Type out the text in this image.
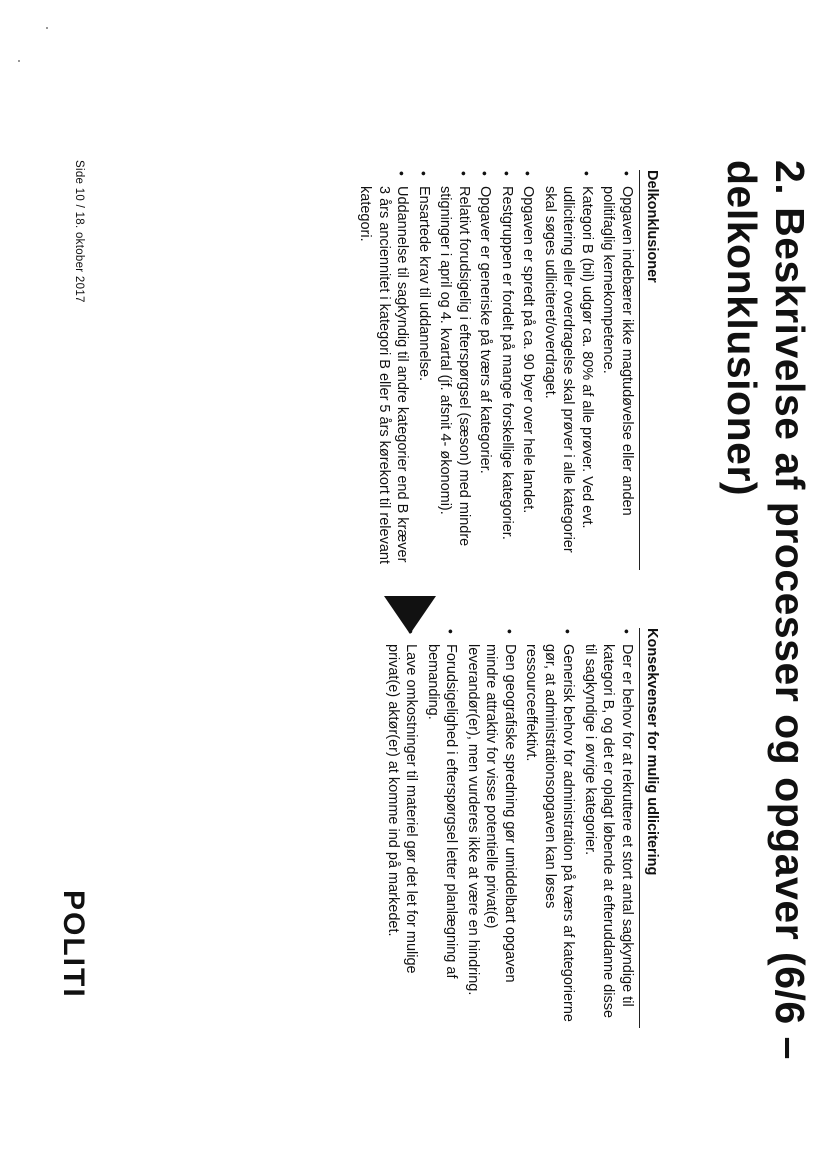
2. Beskrivelse af processer og opgaver (6/6 – delkonklusioner)
Delkonklusioner
•
Opgaven indebærer ikke magtudøvelse eller anden politifaglig kernekompetence.
•
Kategori B (bil) udgør ca. 80% af alle prøver. Ved evt. udlicitering eller overdragelse skal prøver i alle kategorier skal søges udliciteret/overdraget.
•
Opgaven er spredt på ca. 90 byer over hele landet.
•
Restgruppen er fordelt på mange forskellige kategorier.
•
Opgaver er generiske på tværs af kategorier.
•
Relativt forudsigelig i efterspørgsel (sæson) med mindre stigninger i april og 4. kvartal (jf. afsnit 4- økonomi).
•
Ensartede krav til uddannelse.
•
Uddannelse til sagkyndig til andre kategorier end B kræver 3 års anciennitet i kategori B eller 5 års kørekort til relevant kategori.
Konsekvenser for mulig udlicitering
•
Der er behov for at rekruttere et stort antal sagkyndige til kategori B, og det er oplagt løbende at efteruddanne disse til sagkyndige i øvrige kategorier.
•
Generisk behov for administration på tværs af kategorierne gør, at administrationsopgaven kan løses ressourceeffektivt.
•
Den geografiske spredning gør umiddelbart opgaven mindre attraktiv for visse potentielle privat(e) leverandør(er), men vurderes ikke at være en hindring.
•
Forudsigelighed i efterspørgsel letter planlægning af bemanding.
•
Lave omkostninger til materiel gør det let for mulige privat(e) aktør(er) at komme ind på markedet.
Side 10 / 18. oktober 2017
POLITI
